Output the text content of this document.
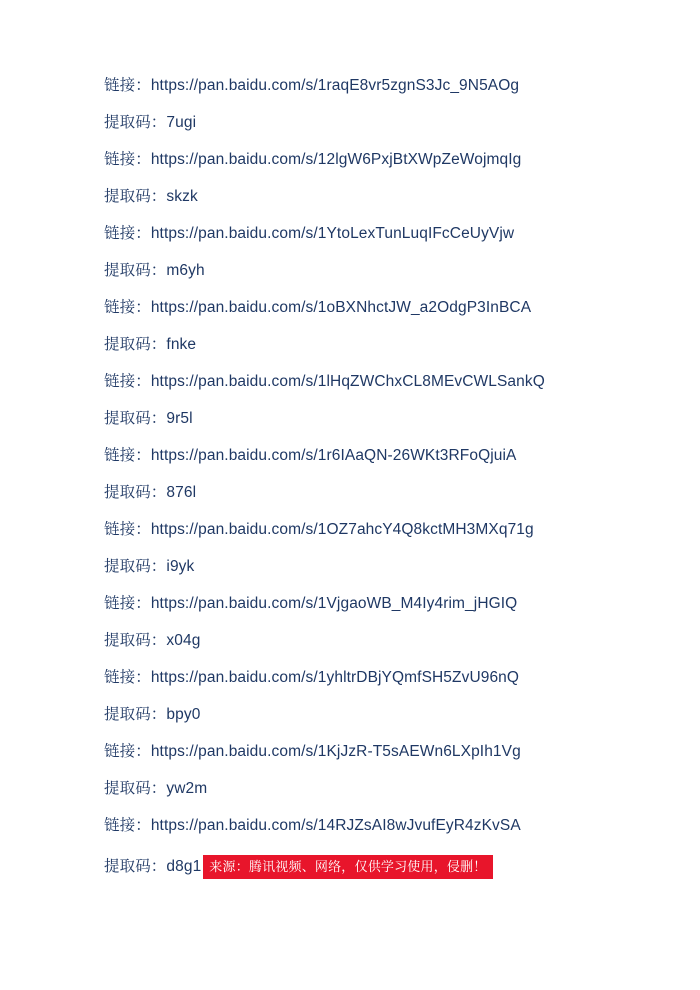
链接：https://pan.baidu.com/s/1raqE8vr5zgnS3Jc_9N5AOg

提取码：7ugi

链接：https://pan.baidu.com/s/12lgW6PxjBtXWpZeWojmqIg

提取码：skzk

链接：https://pan.baidu.com/s/1YtoLexTunLuqIFcCeUyVjw

提取码：m6yh

链接：https://pan.baidu.com/s/1oBXNhctJW_a2OdgP3InBCA

提取码：fnke

链接：https://pan.baidu.com/s/1lHqZWChxCL8MEvCWLSankQ

提取码：9r5l

链接：https://pan.baidu.com/s/1r6IAaQN-26WKt3RFoQjuiA

提取码：876l

链接：https://pan.baidu.com/s/1OZ7ahcY4Q8kctMH3MXq71g

提取码：i9yk

链接：https://pan.baidu.com/s/1VjgaoWB_M4Iy4rim_jHGIQ

提取码：x04g

链接：https://pan.baidu.com/s/1yhltrDBjYQmfSH5ZvU96nQ

提取码：bpy0

链接：https://pan.baidu.com/s/1KjJzR-T5sAEWn6LXpIh1Vg

提取码：yw2m

链接：https://pan.baidu.com/s/14RJZsAI8wJvufEyR4zKvSA

提取码： d8g1 来源：腾讯视频、网络，仅供学习使用，侵删！
